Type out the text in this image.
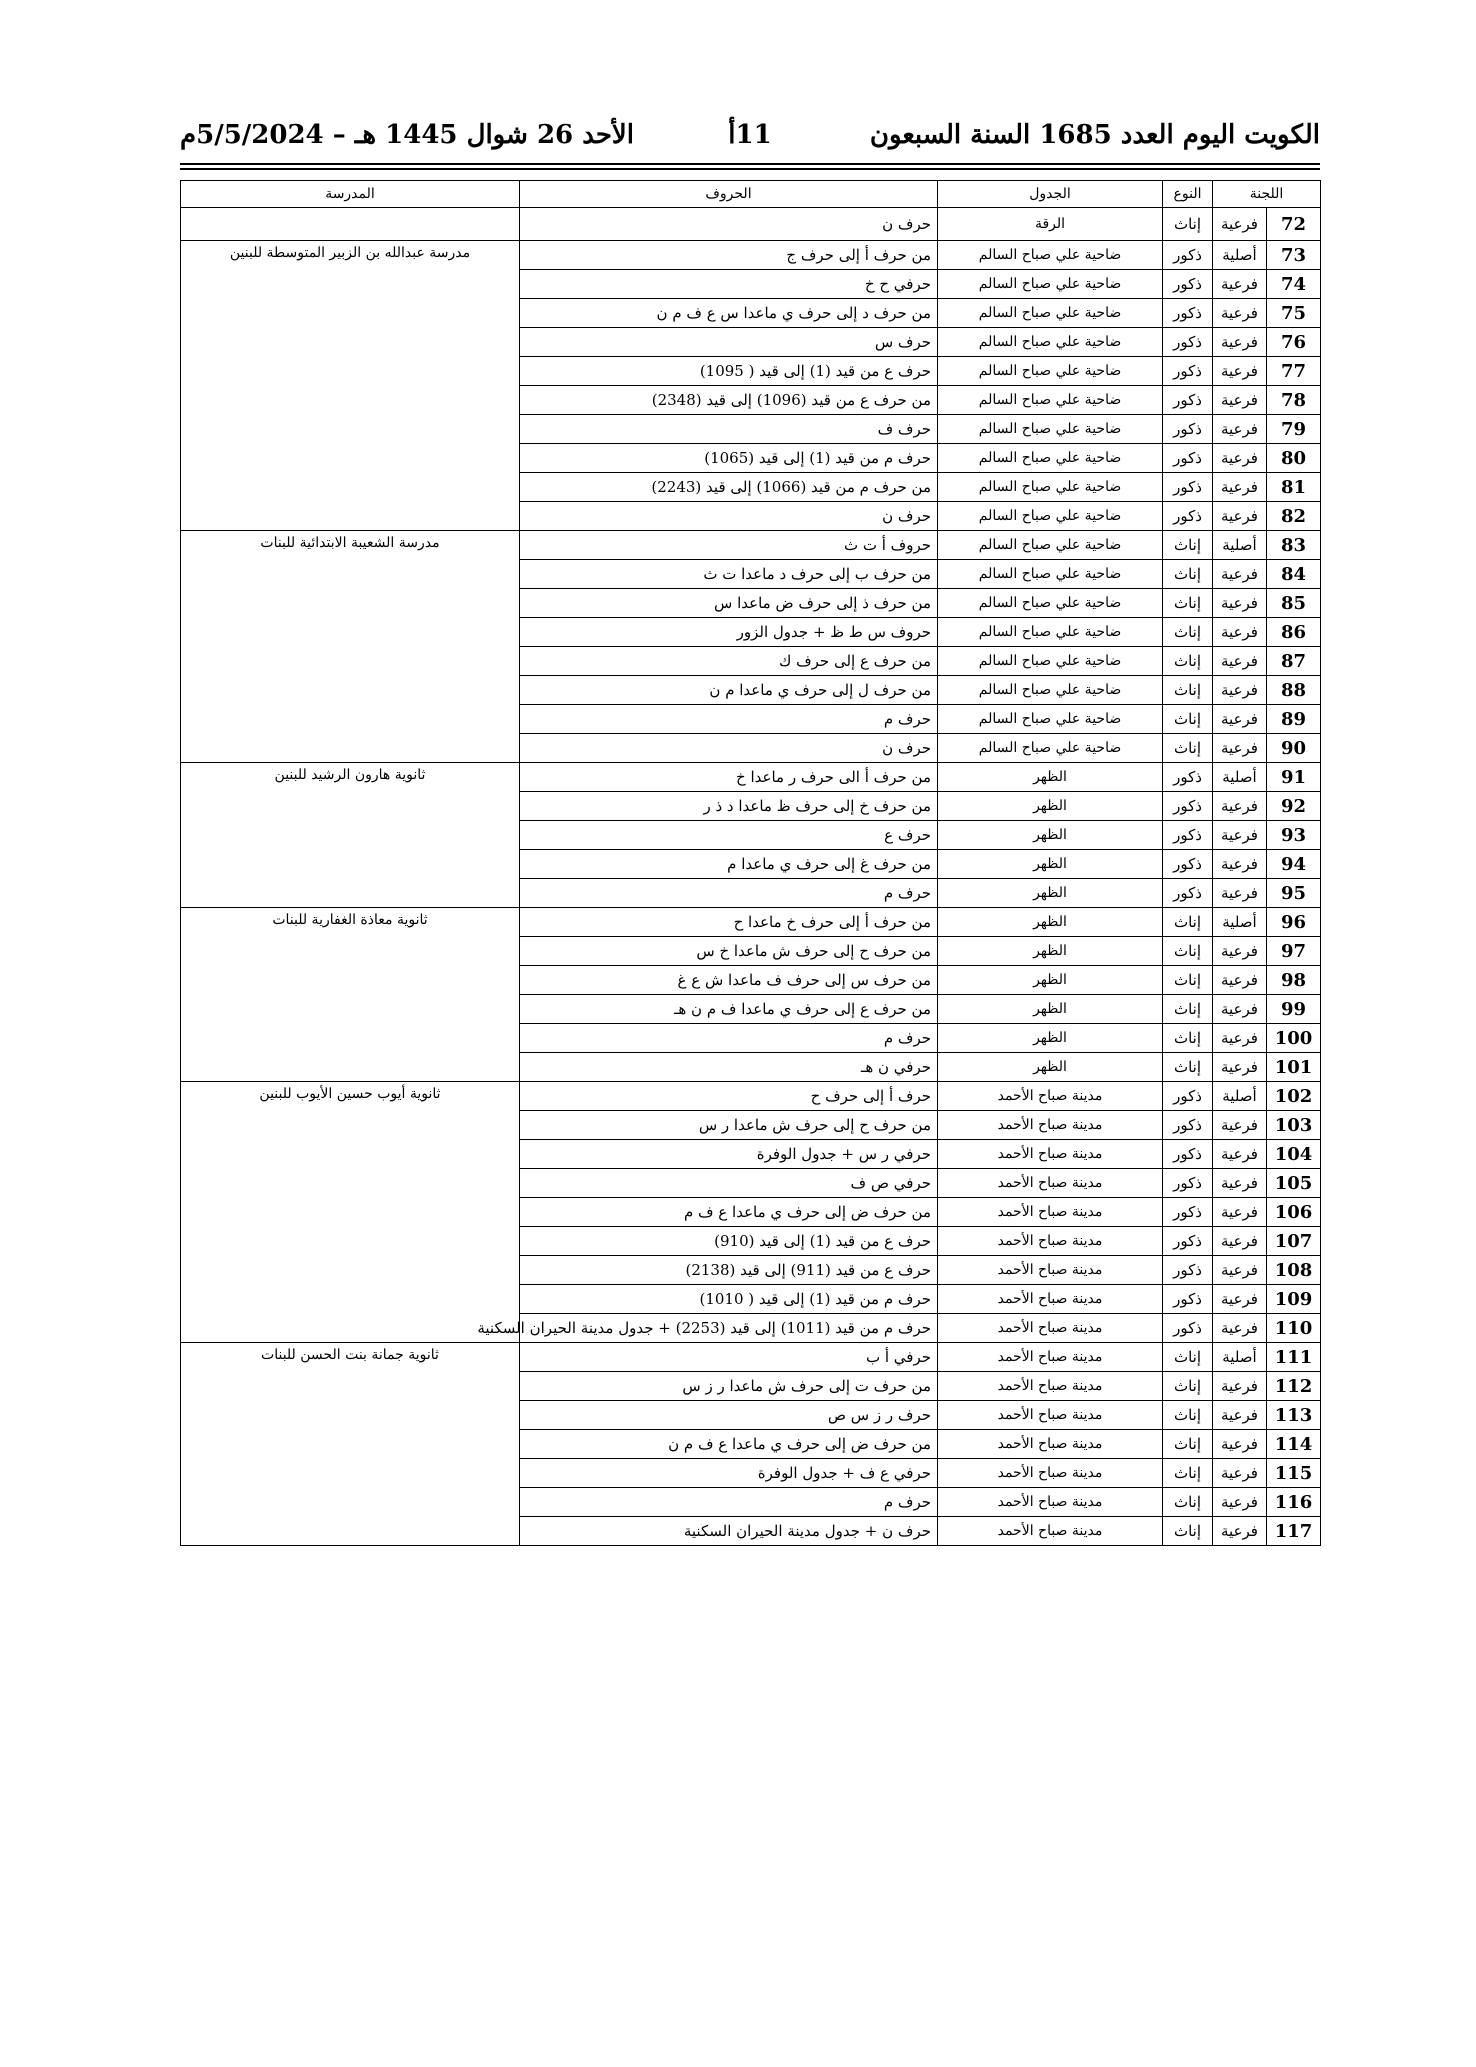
الكويت اليوم العدد 1685 السنة السبعون
11أ
الأحد 26 شوال 1445 هـ – 5/5/2024م
اللجنة		النوع	الجدول	الحروف	المدرسة
72	فرعية	إناث	الرقة	حرف ن	
73	أصلية	ذكور	ضاحية علي صباح السالم	من حرف أ إلى حرف ج	مدرسة عبدالله بن الزبير المتوسطة للبنين
74	فرعية	ذكور	ضاحية علي صباح السالم	حرفي ح خ	
75	فرعية	ذكور	ضاحية علي صباح السالم	من حرف د إلى حرف ي ماعدا س ع ف م ن	
76	فرعية	ذكور	ضاحية علي صباح السالم	حرف س	
77	فرعية	ذكور	ضاحية علي صباح السالم	حرف ع من قيد (1) إلى قيد ( 1095)	
78	فرعية	ذكور	ضاحية علي صباح السالم	من حرف ع من قيد (1096) إلى قيد (2348)	
79	فرعية	ذكور	ضاحية علي صباح السالم	حرف ف	
80	فرعية	ذكور	ضاحية علي صباح السالم	حرف م من قيد (1) إلى قيد (1065)	
81	فرعية	ذكور	ضاحية علي صباح السالم	من حرف م من قيد (1066) إلى قيد (2243)	
82	فرعية	ذكور	ضاحية علي صباح السالم	حرف ن	
83	أصلية	إناث	ضاحية علي صباح السالم	حروف أ ت ث	مدرسة الشعيبة الابتدائية للبنات
84	فرعية	إناث	ضاحية علي صباح السالم	من حرف ب إلى حرف د ماعدا ت ث	
85	فرعية	إناث	ضاحية علي صباح السالم	من حرف ذ إلى حرف ض ماعدا س	
86	فرعية	إناث	ضاحية علي صباح السالم	حروف س ط ظ + جدول الزور	
87	فرعية	إناث	ضاحية علي صباح السالم	من حرف ع إلى حرف ك	
88	فرعية	إناث	ضاحية علي صباح السالم	من حرف ل إلى حرف ي ماعدا م ن	
89	فرعية	إناث	ضاحية علي صباح السالم	حرف م	
90	فرعية	إناث	ضاحية علي صباح السالم	حرف ن	
91	أصلية	ذكور	الظهر	من حرف أ الى حرف ر ماعدا خ	ثانوية هارون الرشيد للبنين
92	فرعية	ذكور	الظهر	من حرف خ إلى حرف ظ ماعدا د ذ ر	
93	فرعية	ذكور	الظهر	حرف ع	
94	فرعية	ذكور	الظهر	من حرف غ إلى حرف ي ماعدا م	
95	فرعية	ذكور	الظهر	حرف م	
96	أصلية	إناث	الظهر	من حرف أ إلى حرف خ ماعدا ح	ثانوية معاذة الغفارية للبنات
97	فرعية	إناث	الظهر	من حرف ح إلى حرف ش ماعدا خ س	
98	فرعية	إناث	الظهر	من حرف س إلى حرف ف ماعدا ش ع غ	
99	فرعية	إناث	الظهر	من حرف ع إلى حرف ي ماعدا ف م ن هـ	
100	فرعية	إناث	الظهر	حرف م	
101	فرعية	إناث	الظهر	حرفي ن هـ	
102	أصلية	ذكور	مدينة صباح الأحمد	حرف أ إلى حرف ح	ثانوية أيوب حسين الأيوب للبنين
103	فرعية	ذكور	مدينة صباح الأحمد	من حرف ح إلى حرف ش ماعدا ر س	
104	فرعية	ذكور	مدينة صباح الأحمد	حرفي ر س + جدول الوفرة	
105	فرعية	ذكور	مدينة صباح الأحمد	حرفي ص ف	
106	فرعية	ذكور	مدينة صباح الأحمد	من حرف ض إلى حرف ي ماعدا ع ف م	
107	فرعية	ذكور	مدينة صباح الأحمد	حرف ع من قيد (1) إلى قيد (910)	
108	فرعية	ذكور	مدينة صباح الأحمد	حرف ع من قيد (911) إلى قيد (2138)	
109	فرعية	ذكور	مدينة صباح الأحمد	حرف م من قيد (1) إلى قيد ( 1010)	
110	فرعية	ذكور	مدينة صباح الأحمد	حرف م من قيد (1011) إلى قيد (2253) + جدول مدينة الحيران السكنية	
111	أصلية	إناث	مدينة صباح الأحمد	حرفي أ ب	ثانوية جمانة بنت الحسن للبنات
112	فرعية	إناث	مدينة صباح الأحمد	من حرف ت إلى حرف ش ماعدا ر ز س	
113	فرعية	إناث	مدينة صباح الأحمد	حرف ر ز س ص	
114	فرعية	إناث	مدينة صباح الأحمد	من حرف ض إلى حرف ي ماعدا ع ف م ن	
115	فرعية	إناث	مدينة صباح الأحمد	حرفي ع ف + جدول الوفرة	
116	فرعية	إناث	مدينة صباح الأحمد	حرف م	
117	فرعية	إناث	مدينة صباح الأحمد	حرف ن + جدول مدينة الحيران السكنية	
